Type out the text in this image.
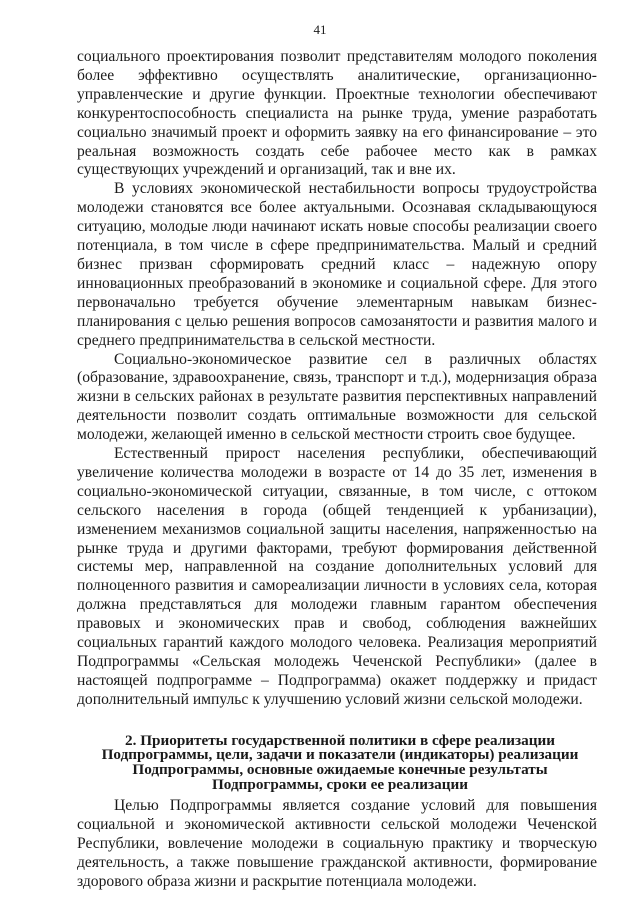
41

социального проектирования позволит представителям молодого поколения более эффективно осуществлять аналитические, организационно-управленческие и другие функции. Проектные технологии обеспечивают конкурентоспособность специалиста на рынке труда, умение разработать социально значимый проект и оформить заявку на его финансирование – это реальная возможность создать себе рабочее место как в рамках существующих учреждений и организаций, так и вне их.

В условиях экономической нестабильности вопросы трудоустройства молодежи становятся все более актуальными. Осознавая складывающуюся ситуацию, молодые люди начинают искать новые способы реализации своего потенциала, в том числе в сфере предпринимательства. Малый и средний бизнес призван сформировать средний класс – надежную опору инновационных преобразований в экономике и социальной сфере. Для этого первоначально требуется обучение элементарным навыкам бизнес-планирования с целью решения вопросов самозанятости и развития малого и среднего предпринимательства в сельской местности.

Социально-экономическое развитие сел в различных областях (образование, здравоохранение, связь, транспорт и т.д.), модернизация образа жизни в сельских районах в результате развития перспективных направлений деятельности позволит создать оптимальные возможности для сельской молодежи, желающей именно в сельской местности строить свое будущее.

Естественный прирост населения республики, обеспечивающий увеличение количества молодежи в возрасте от 14 до 35 лет, изменения в социально-экономической ситуации, связанные, в том числе, с оттоком сельского населения в города (общей тенденцией к урбанизации), изменением механизмов социальной защиты населения, напряженностью на рынке труда и другими факторами, требуют формирования действенной системы мер, направленной на создание дополнительных условий для полноценного развития и самореализации личности в условиях села, которая должна представляться для молодежи главным гарантом обеспечения правовых и экономических прав и свобод, соблюдения важнейших социальных гарантий каждого молодого человека. Реализация мероприятий Подпрограммы «Сельская молодежь Чеченской Республики» (далее в настоящей подпрограмме – Подпрограмма) окажет поддержку и придаст дополнительный импульс к улучшению условий жизни сельской молодежи.

2. Приоритеты государственной политики в сфере реализации
Подпрограммы, цели, задачи и показатели (индикаторы) реализации
Подпрограммы, основные ожидаемые конечные результаты
Подпрограммы, сроки ее реализации

Целью Подпрограммы является создание условий для повышения социальной и экономической активности сельской молодежи Чеченской Республики, вовлечение молодежи в социальную практику и творческую деятельность, а также повышение гражданской активности, формирование здорового образа жизни и раскрытие потенциала молодежи.
